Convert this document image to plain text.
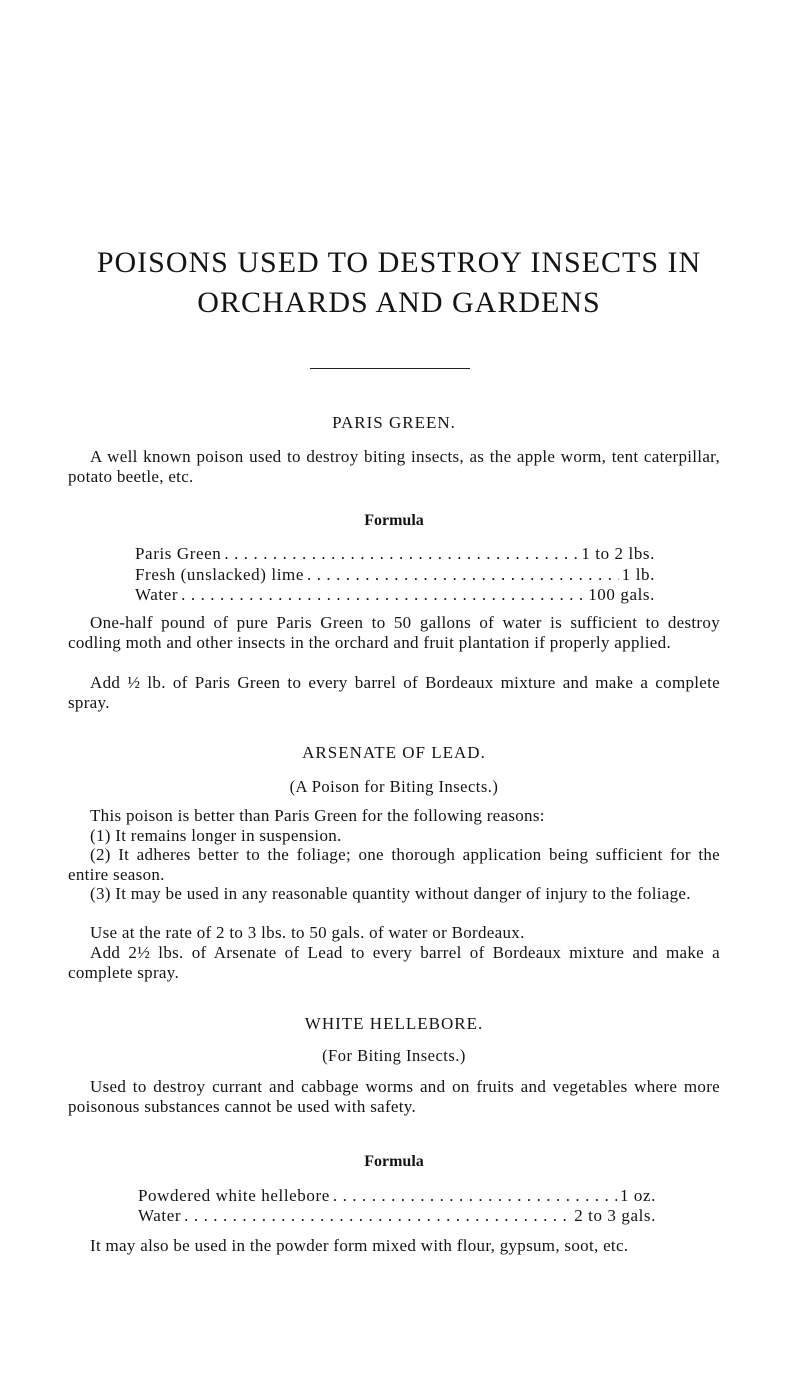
POISONS USED TO DESTROY INSECTS IN
ORCHARDS AND GARDENS
PARIS GREEN.
A well known poison used to destroy biting insects, as the apple worm, tent caterpillar, potato beetle, etc.
Formula
Paris Green . . .	1 to 2 lbs.
Fresh (unslacked) lime . . .	1 lb.
Water . . .	100 gals.
One-half pound of pure Paris Green to 50 gallons of water is sufficient to destroy codling moth and other insects in the orchard and fruit plantation if properly applied.
Add ½ lb. of Paris Green to every barrel of Bordeaux mixture and make a complete spray.
ARSENATE OF LEAD.
(A Poison for Biting Insects.)
This poison is better than Paris Green for the following reasons:
(1) It remains longer in suspension.
(2) It adheres better to the foliage; one thorough application being sufficient for the entire season.
(3) It may be used in any reasonable quantity without danger of injury to the foliage.
Use at the rate of 2 to 3 lbs. to 50 gals. of water or Bordeaux.
Add 2½ lbs. of Arsenate of Lead to every barrel of Bordeaux mixture and make a complete spray.
WHITE HELLEBORE.
(For Biting Insects.)
Used to destroy currant and cabbage worms and on fruits and vegetables where more poisonous substances cannot be used with safety.
Formula
Powdered white hellebore . . .	1 oz.
Water . . .	2 to 3 gals.
It may also be used in the powder form mixed with flour, gypsum, soot, etc.
